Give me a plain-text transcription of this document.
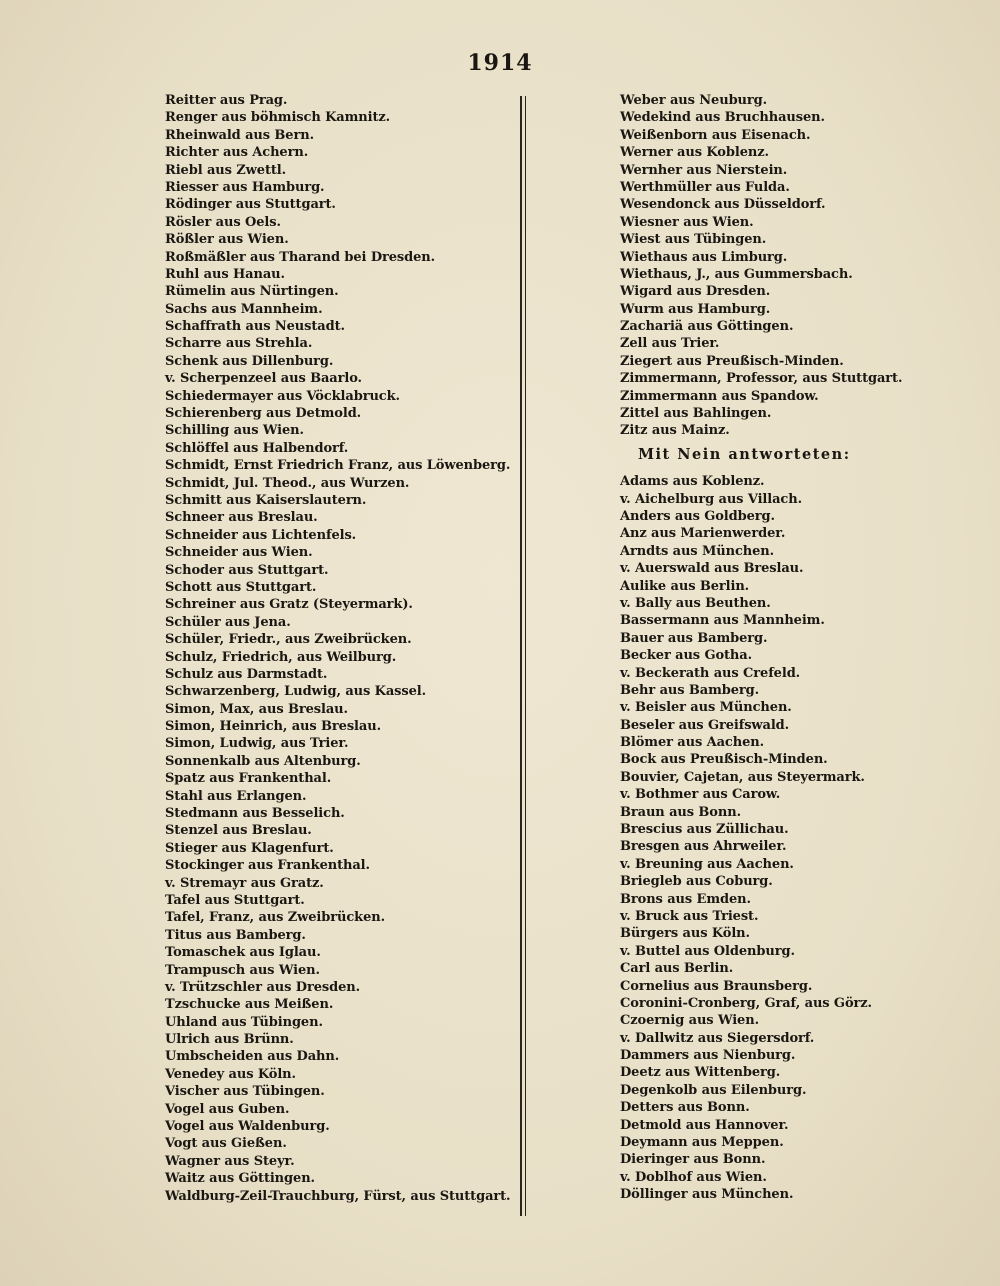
1914
Reitter aus Prag.
Renger aus böhmisch Kamnitz.
Rheinwald aus Bern.
Richter aus Achern.
Riebl aus Zwettl.
Riesser aus Hamburg.
Rödinger aus Stuttgart.
Rösler aus Oels.
Rößler aus Wien.
Roßmäßler aus Tharand bei Dresden.
Ruhl aus Hanau.
Rümelin aus Nürtingen.
Sachs aus Mannheim.
Schaffrath aus Neustadt.
Scharre aus Strehla.
Schenk aus Dillenburg.
v. Scherpenzeel aus Baarlo.
Schiedermayer aus Vöcklabruck.
Schierenberg aus Detmold.
Schilling aus Wien.
Schlöffel aus Halbendorf.
Schmidt, Ernst Friedrich Franz, aus Löwenberg.
Schmidt, Jul. Theod., aus Wurzen.
Schmitt aus Kaiserslautern.
Schneer aus Breslau.
Schneider aus Lichtenfels.
Schneider aus Wien.
Schoder aus Stuttgart.
Schott aus Stuttgart.
Schreiner aus Gratz (Steyermark).
Schüler aus Jena.
Schüler, Friedr., aus Zweibrücken.
Schulz, Friedrich, aus Weilburg.
Schulz aus Darmstadt.
Schwarzenberg, Ludwig, aus Kassel.
Simon, Max, aus Breslau.
Simon, Heinrich, aus Breslau.
Simon, Ludwig, aus Trier.
Sonnenkalb aus Altenburg.
Spatz aus Frankenthal.
Stahl aus Erlangen.
Stedmann aus Besselich.
Stenzel aus Breslau.
Stieger aus Klagenfurt.
Stockinger aus Frankenthal.
v. Stremayr aus Gratz.
Tafel aus Stuttgart.
Tafel, Franz, aus Zweibrücken.
Titus aus Bamberg.
Tomaschek aus Iglau.
Trampusch aus Wien.
v. Trützschler aus Dresden.
Tzschucke aus Meißen.
Uhland aus Tübingen.
Ulrich aus Brünn.
Umbscheiden aus Dahn.
Venedey aus Köln.
Vischer aus Tübingen.
Vogel aus Guben.
Vogel aus Waldenburg.
Vogt aus Gießen.
Wagner aus Steyr.
Waitz aus Göttingen.
Waldburg-Zeil-Trauchburg, Fürst, aus Stuttgart.
Weber aus Neuburg.
Wedekind aus Bruchhausen.
Weißenborn aus Eisenach.
Werner aus Koblenz.
Wernher aus Nierstein.
Werthmüller aus Fulda.
Wesendonck aus Düsseldorf.
Wiesner aus Wien.
Wiest aus Tübingen.
Wiethaus aus Limburg.
Wiethaus, J., aus Gummersbach.
Wigard aus Dresden.
Wurm aus Hamburg.
Zachariä aus Göttingen.
Zell aus Trier.
Ziegert aus Preußisch-Minden.
Zimmermann, Professor, aus Stuttgart.
Zimmermann aus Spandow.
Zittel aus Bahlingen.
Zitz aus Mainz.
Mit Nein antworteten:
Adams aus Koblenz.
v. Aichelburg aus Villach.
Anders aus Goldberg.
Anz aus Marienwerder.
Arndts aus München.
v. Auerswald aus Breslau.
Aulike aus Berlin.
v. Bally aus Beuthen.
Bassermann aus Mannheim.
Bauer aus Bamberg.
Becker aus Gotha.
v. Beckerath aus Crefeld.
Behr aus Bamberg.
v. Beisler aus München.
Beseler aus Greifswald.
Blömer aus Aachen.
Bock aus Preußisch-Minden.
Bouvier, Cajetan, aus Steyermark.
v. Bothmer aus Carow.
Braun aus Bonn.
Brescius aus Züllichau.
Bresgen aus Ahrweiler.
v. Breuning aus Aachen.
Briegleb aus Coburg.
Brons aus Emden.
v. Bruck aus Triest.
Bürgers aus Köln.
v. Buttel aus Oldenburg.
Carl aus Berlin.
Cornelius aus Braunsberg.
Coronini-Cronberg, Graf, aus Görz.
Czoernig aus Wien.
v. Dallwitz aus Siegersdorf.
Dammers aus Nienburg.
Deetz aus Wittenberg.
Degenkolb aus Eilenburg.
Detters aus Bonn.
Detmold aus Hannover.
Deymann aus Meppen.
Dieringer aus Bonn.
v. Doblhof aus Wien.
Döllinger aus München.
